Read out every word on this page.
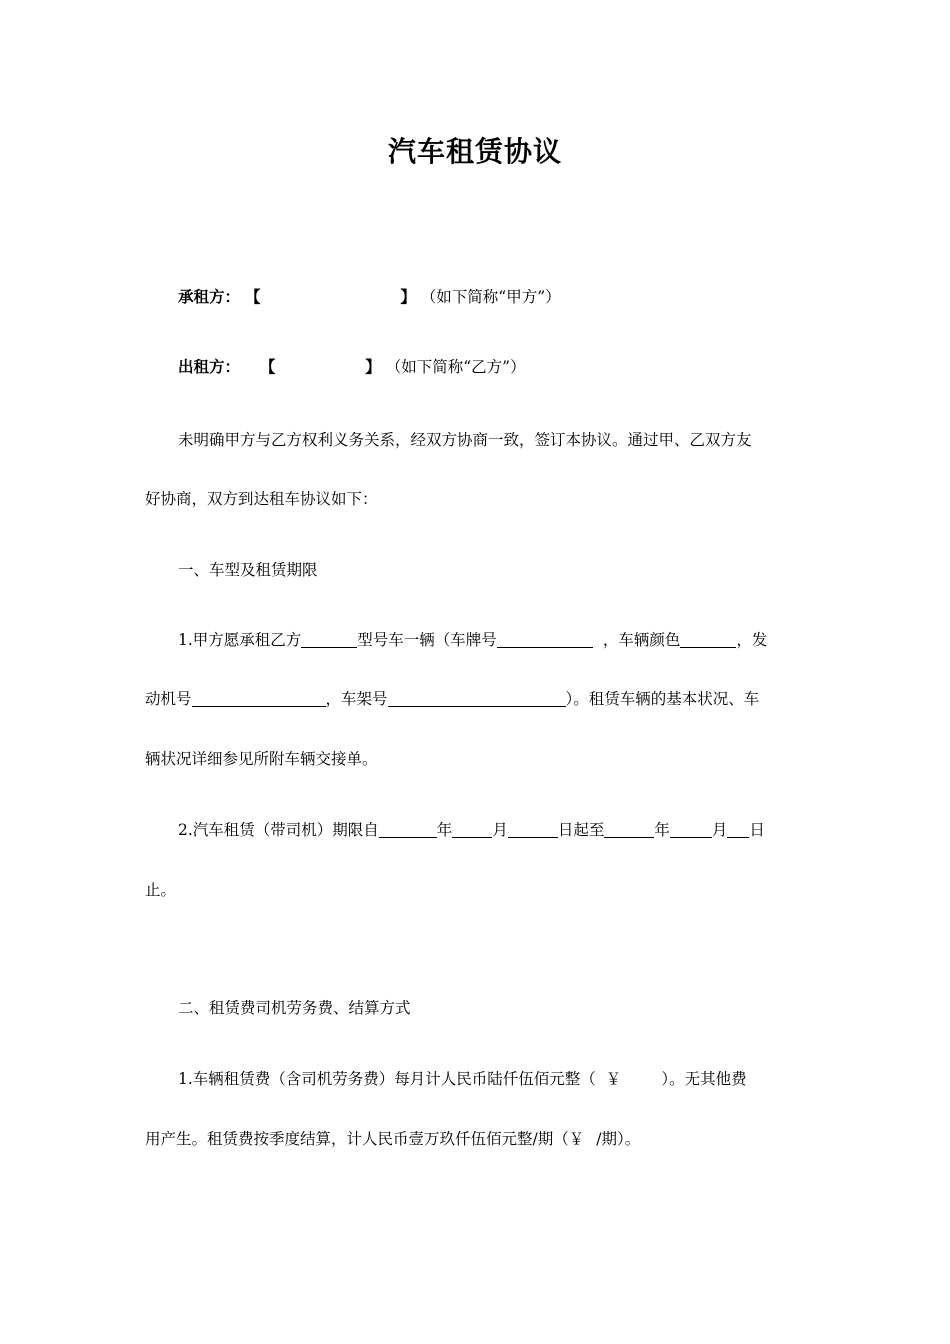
汽车租赁协议
承租方： 【	】 （如下简称“甲方”）
出租方： 【	】 （如下简称“乙方”）
未明确甲方与乙方权利义务关系，经双方协商一致，签订本协议。通过甲、乙双方友
好协商，双方到达租车协议如下：
一、车型及租赁期限
1.甲方愿承租乙方	型号车一辆（车牌号	，车辆颜色	，发
动机号	，车架号	）。租赁车辆的基本状况、车
辆状况详细参见所附车辆交接单。
2.汽车租赁（带司机）期限自	年	月	日起至	年	月 日
止。
二、租赁费司机劳务费、结算方式
1.车辆租赁费（含司机劳务费）每月计人民币陆仟伍佰元整（ ￥	）。无其他费
用产生。租赁费按季度结算，计人民币壹万玖仟伍佰元整/期（￥ /期）。
